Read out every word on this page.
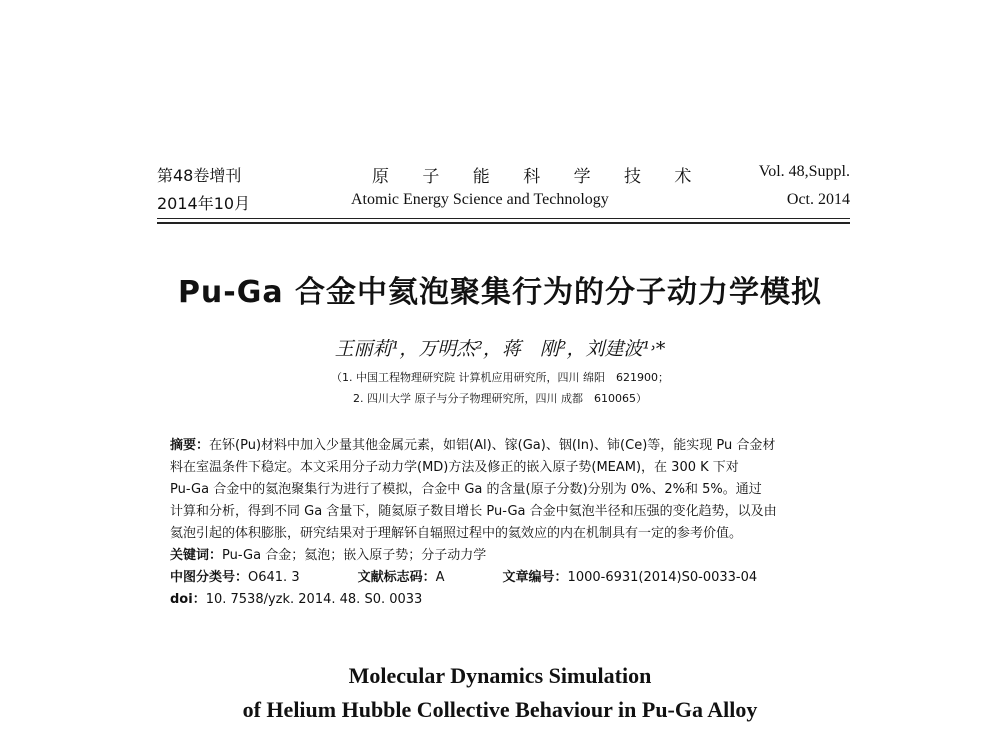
第48卷增刊
2014年10月
原 子 能 科 学 技 术
Atomic Energy Science and Technology
Vol. 48,Suppl.
Oct. 2014
Pu-Ga 合金中氦泡聚集行为的分子动力学模拟
王丽莉¹，万明杰²，蒋　刚²，刘建波¹˒*
（1. 中国工程物理研究院 计算机应用研究所，四川 绵阳　621900；
2. 四川大学 原子与分子物理研究所，四川 成都　610065）
摘要：在钚(Pu)材料中加入少量其他金属元素，如铝(Al)、镓(Ga)、铟(In)、铈(Ce)等，能实现 Pu 合金材
料在室温条件下稳定。本文采用分子动力学(MD)方法及修正的嵌入原子势(MEAM)，在 300 K 下对
Pu-Ga 合金中的氦泡聚集行为进行了模拟，合金中 Ga 的含量(原子分数)分别为 0%、2%和 5%。通过
计算和分析，得到不同 Ga 含量下，随氦原子数目增长 Pu-Ga 合金中氦泡半径和压强的变化趋势，以及由
氦泡引起的体积膨胀，研究结果对于理解钚自辐照过程中的氦效应的内在机制具有一定的参考价值。
关键词：Pu-Ga 合金；氦泡；嵌入原子势；分子动力学
中图分类号：O641. 3	文献标志码：A	文章编号：1000-6931(2014)S0-0033-04
doi：10. 7538/yzk. 2014. 48. S0. 0033
Molecular Dynamics Simulation
of Helium Hubble Collective Behaviour in Pu-Ga Alloy
